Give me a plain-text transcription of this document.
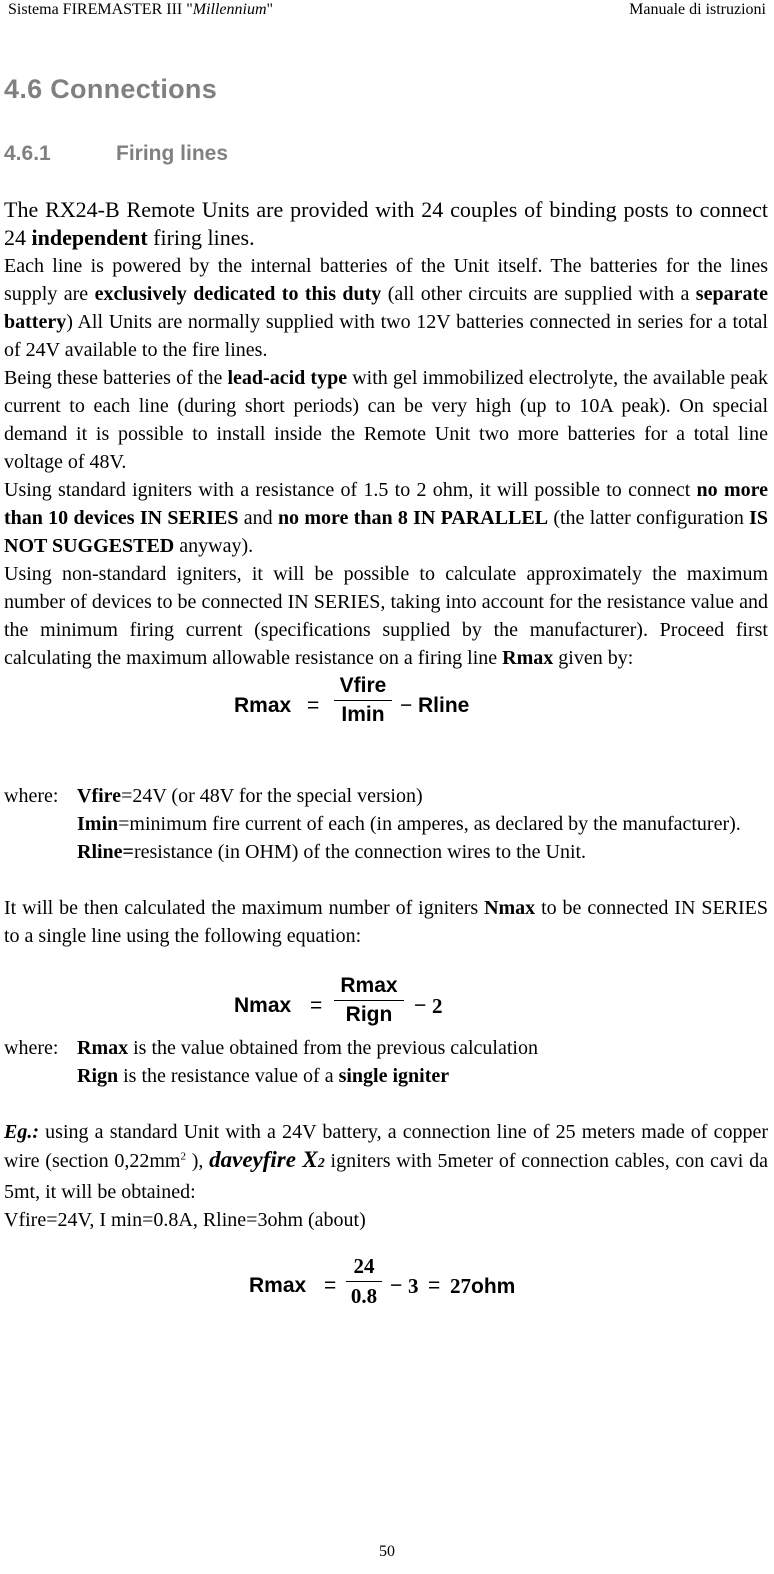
Sistema FIREMASTER III "Millennium"	Manuale di istruzioni
4.6 Connections
4.6.1	Firing lines

The RX24-B Remote Units are provided with 24 couples of binding posts to connect 24 independent firing lines.

Each line is powered by the internal batteries of the Unit itself. The batteries for the lines supply are exclusively dedicated to this duty (all other circuits are supplied with a separate battery) All Units are normally supplied with two 12V batteries connected in series for a total of 24V available to the fire lines.

Being these batteries of the lead-acid type with gel immobilized electrolyte, the available peak current to each line (during short periods) can be very high (up to 10A peak). On special demand it is possible to install inside the Remote Unit two more batteries for a total line voltage of 48V.

Using standard igniters with a resistance of 1.5 to 2 ohm, it will possible to connect no more than 10 devices IN SERIES and no more than 8 IN PARALLEL (the latter configuration IS NOT SUGGESTED anyway).

Using non-standard igniters, it will be possible to calculate approximately the maximum number of devices to be connected IN SERIES, taking into account for the resistance value and the minimum firing current (specifications supplied by the manufacturer). Proceed first calculating the maximum allowable resistance on a firing line Rmax given by:

Rmax =
Vfire
Imin − Rline
where: Vfire=24V (or 48V for the special version)
Imin=minimum fire current of each (in amperes, as declared by the manufacturer).
Rline=resistance (in OHM) of the connection wires to the Unit.

It will be then calculated the maximum number of igniters Nmax to be connected IN SERIES to a single line using the following equation:

Nmax =
Rmax
Rign	− 2
where: Rmax is the value obtained from the previous calculation
Rign is the resistance value of a single igniter

Eg.: using a standard Unit with a 24V battery, a connection line of 25 meters made of copper wire (section $0,22mm^2$ ), daveyfire X2 igniters with 5meter of connection cables, con cavi da 5mt, it will be obtained:

Vfire=24V, I min=0.8A, Rline=3ohm (about)

Rmax =
24
0.8 − 3 = 27ohm
50
